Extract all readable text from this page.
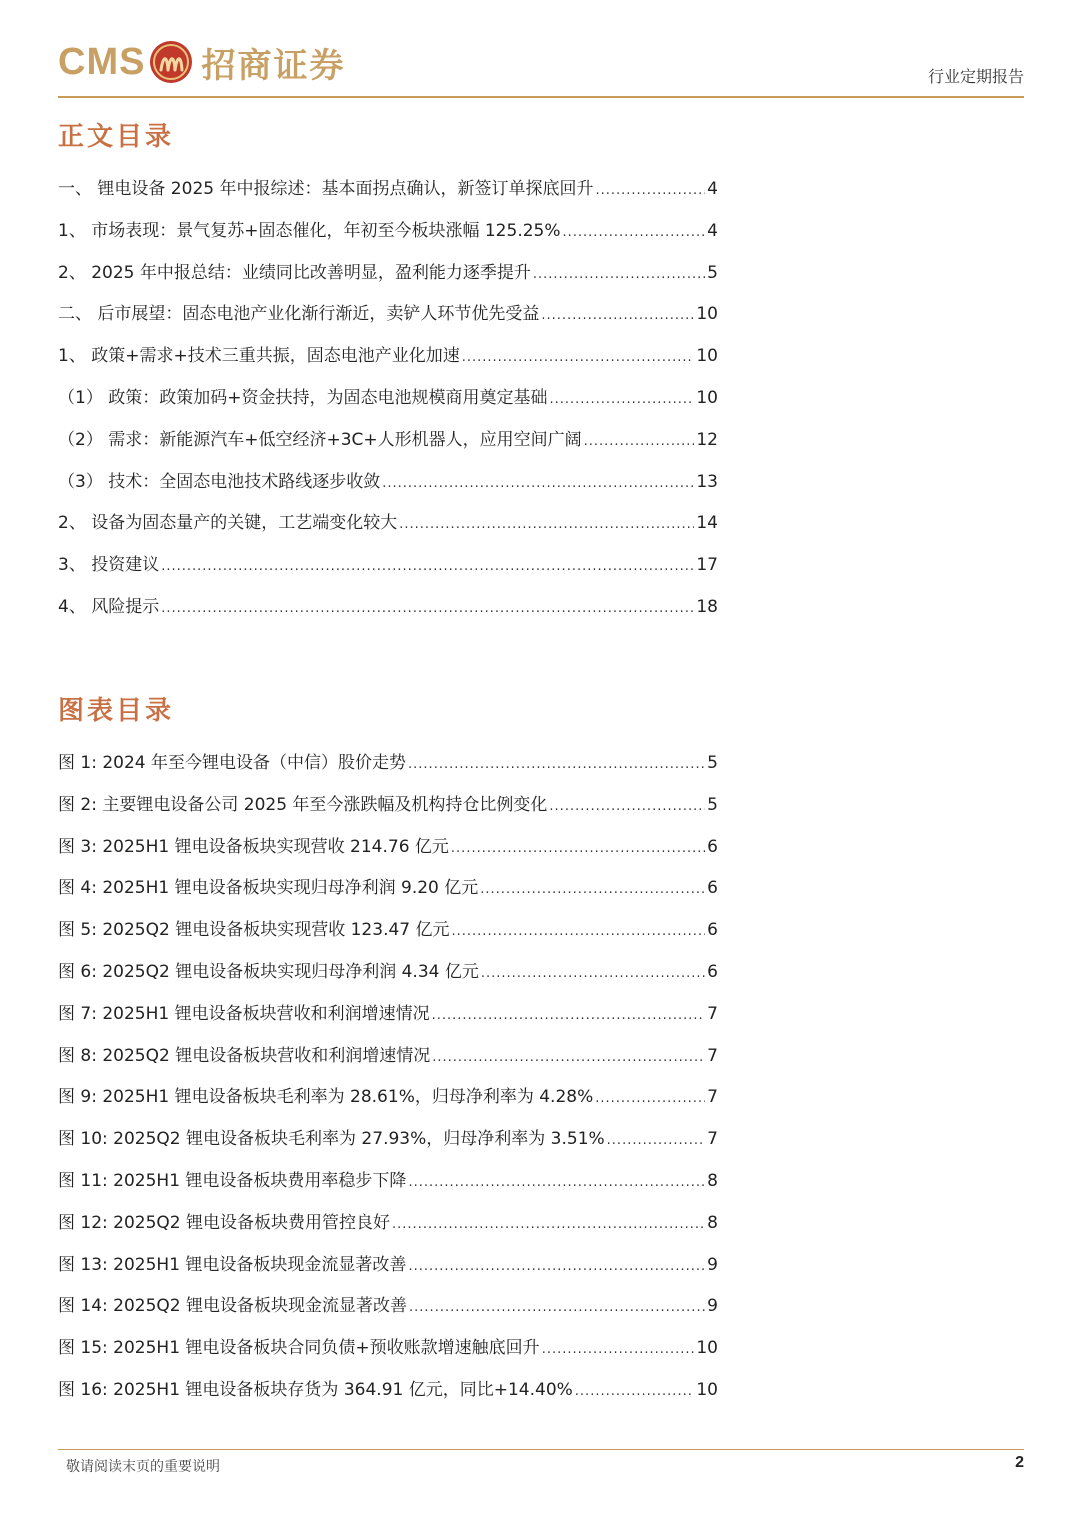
CMS 招商证券	行业定期报告
正文目录
一、 锂电设备 2025 年中报综述：基本面拐点确认，新签订单探底回升 .....	4
1、 市场表现：景气复苏+固态催化，年初至今板块涨幅 125.25% .....	4
2、 2025 年中报总结：业绩同比改善明显，盈利能力逐季提升 .....	5
二、 后市展望：固态电池产业化渐行渐近，卖铲人环节优先受益 .....	10
1、 政策+需求+技术三重共振，固态电池产业化加速 .....	10
（1） 政策：政策加码+资金扶持，为固态电池规模商用奠定基础 .....	10
（2） 需求：新能源汽车+低空经济+3C+人形机器人，应用空间广阔 .....	12
（3） 技术：全固态电池技术路线逐步收敛 .....	13
2、 设备为固态量产的关键，工艺端变化较大 .....	14
3、 投资建议 .....	17
4、 风险提示 .....	18
图表目录
图 1: 2024 年至今锂电设备（中信）股价走势 .....	5
图 2: 主要锂电设备公司 2025 年至今涨跌幅及机构持仓比例变化 .....	5
图 3: 2025H1 锂电设备板块实现营收 214.76 亿元 .....	6
图 4: 2025H1 锂电设备板块实现归母净利润 9.20 亿元 .....	6
图 5: 2025Q2 锂电设备板块实现营收 123.47 亿元 .....	6
图 6: 2025Q2 锂电设备板块实现归母净利润 4.34 亿元 .....	6
图 7: 2025H1 锂电设备板块营收和利润增速情况 .....	7
图 8: 2025Q2 锂电设备板块营收和利润增速情况 .....	7
图 9: 2025H1 锂电设备板块毛利率为 28.61%，归母净利率为 4.28% .....	7
图 10: 2025Q2 锂电设备板块毛利率为 27.93%，归母净利率为 3.51% .....	7
图 11: 2025H1 锂电设备板块费用率稳步下降 .....	8
图 12: 2025Q2 锂电设备板块费用管控良好 .....	8
图 13: 2025H1 锂电设备板块现金流显著改善 .....	9
图 14: 2025Q2 锂电设备板块现金流显著改善 .....	9
图 15: 2025H1 锂电设备板块合同负债+预收账款增速触底回升 .....	10
图 16: 2025H1 锂电设备板块存货为 364.91 亿元，同比+14.40% .....	10
敬请阅读末页的重要说明	2
